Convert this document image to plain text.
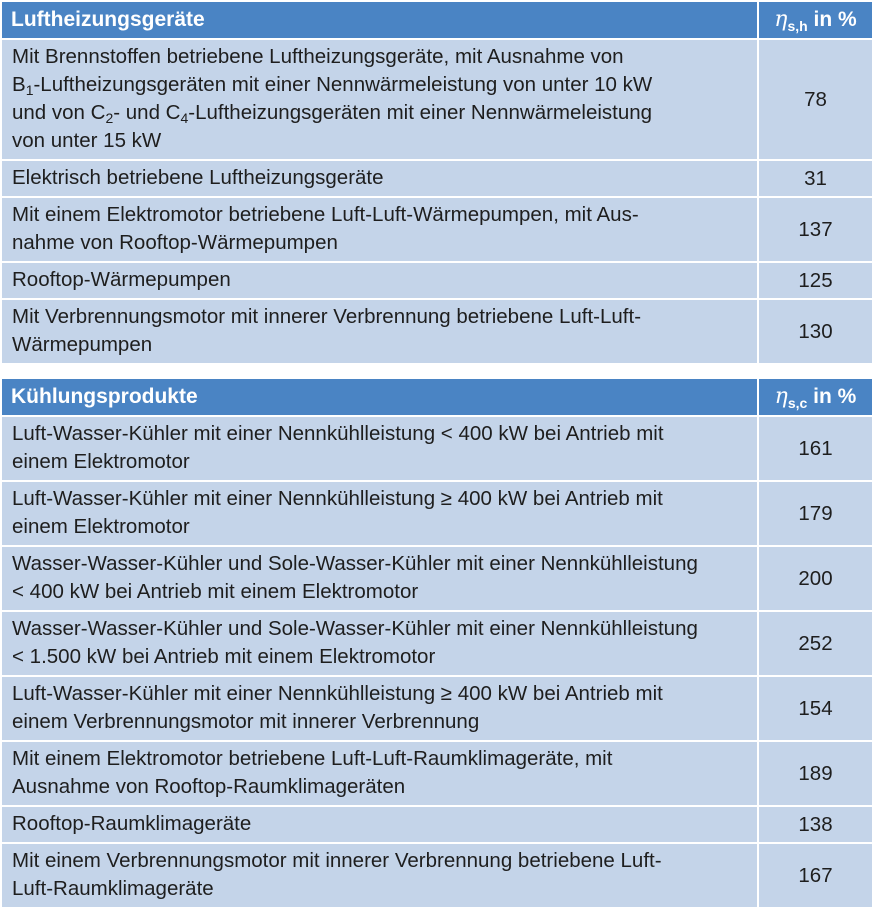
Luftheizungsgeräte	$\eta_{s,h}$ in %
Mit Brennstoffen betriebene Luftheizungsgeräte, mit Ausnahme von
$B_1$-Luftheizungsgeräten mit einer Nennwärmeleistung von unter 10 kW
und von $C_2-$ und $C_4$-Luftheizungsgeräten mit einer Nennwärmeleistung
von unter 15 kW	78
Elektrisch betriebene Luftheizungsgeräte	31
Mit einem Elektromotor betriebene Luft-Luft-Wärmepumpen, mit Aus-
nahme von Rooftop-Wärmepumpen	137
Rooftop-Wärmepumpen	125
Mit Verbrennungsmotor mit innerer Verbrennung betriebene Luft-Luft-
Wärmepumpen	130

Kühlungsprodukte	$\eta_{s,c}$ in %
Luft-Wasser-Kühler mit einer Nennkühlleistung < 400 kW bei Antrieb mit
einem Elektromotor	161
Luft-Wasser-Kühler mit einer Nennkühlleistung ≥ 400 kW bei Antrieb mit
einem Elektromotor	179
Wasser-Wasser-Kühler und Sole-Wasser-Kühler mit einer Nennkühlleistung
< 400 kW bei Antrieb mit einem Elektromotor	200
Wasser-Wasser-Kühler und Sole-Wasser-Kühler mit einer Nennkühlleistung
< 1.500 kW bei Antrieb mit einem Elektromotor	252
Luft-Wasser-Kühler mit einer Nennkühlleistung ≥ 400 kW bei Antrieb mit
einem Verbrennungsmotor mit innerer Verbrennung	154
Mit einem Elektromotor betriebene Luft-Luft-Raumklimageräte, mit
Ausnahme von Rooftop-Raumklimageräten	189
Rooftop-Raumklimageräte	138
Mit einem Verbrennungsmotor mit innerer Verbrennung betriebene Luft-
Luft-Raumklimageräte	167
